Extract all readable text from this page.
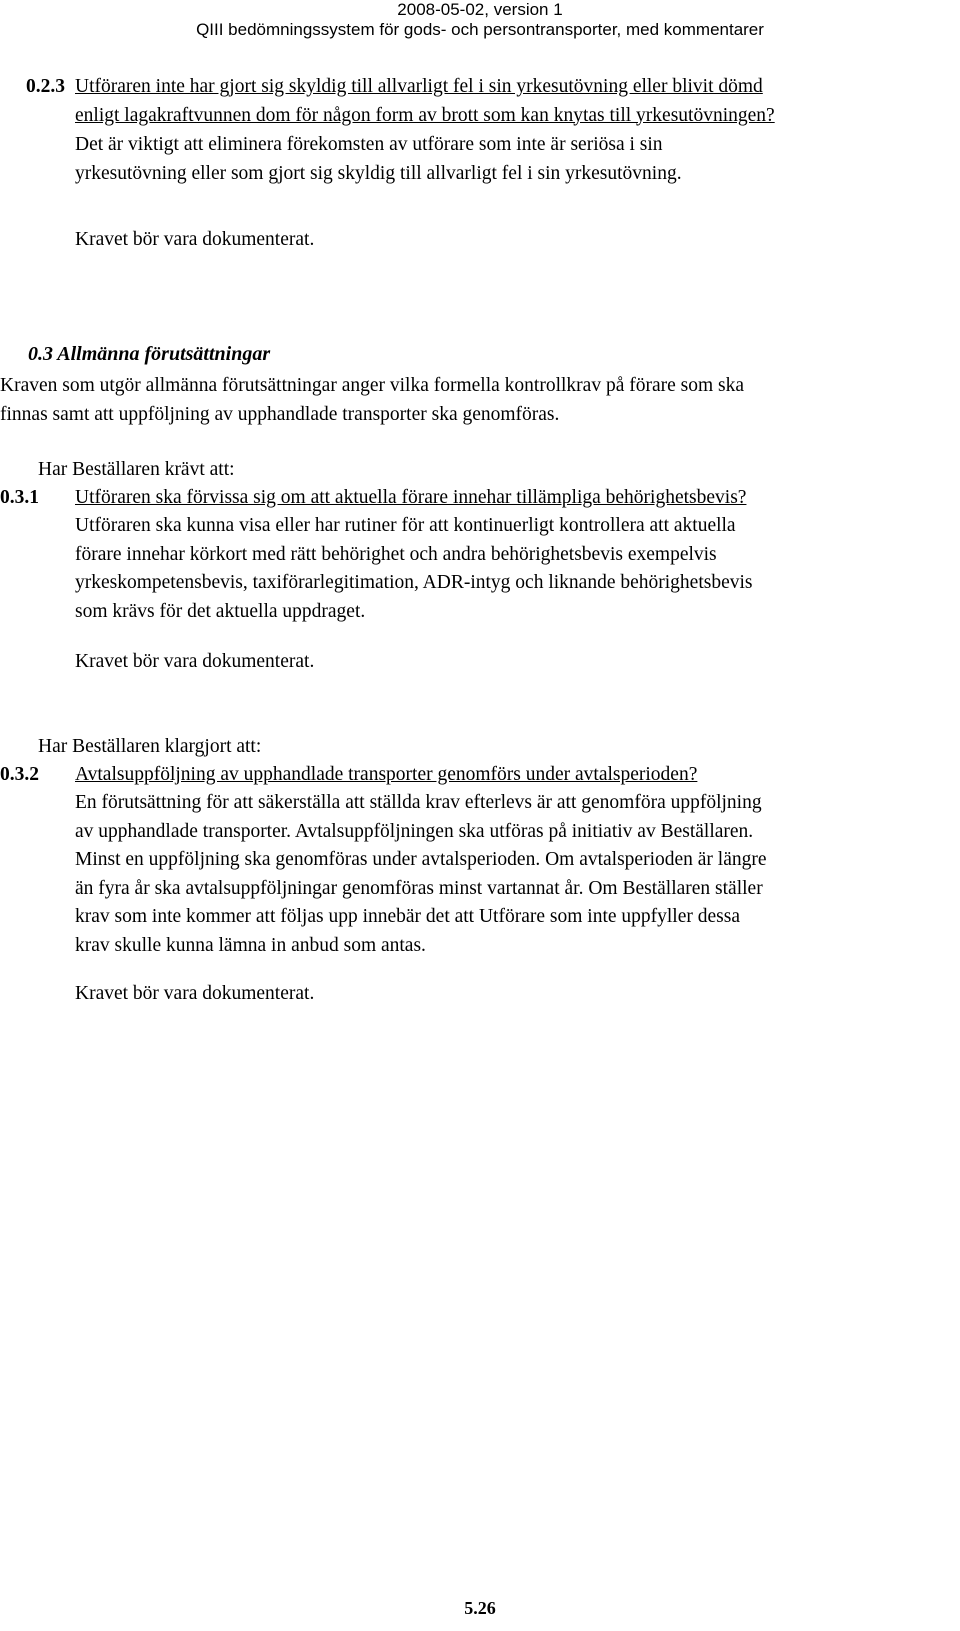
2008-05-02, version 1
QIII bedömningssystem för gods- och persontransporter, med kommentarer
0.2.3 Utföraren inte har gjort sig skyldig till allvarligt fel i sin yrkesutövning eller blivit dömd
enligt lagakraftvunnen dom för någon form av brott som kan knytas till yrkesutövningen?
Det är viktigt att eliminera förekomsten av utförare som inte är seriösa i sin
yrkesutövning eller som gjort sig skyldig till allvarligt fel i sin yrkesutövning.
Kravet bör vara dokumenterat.
0.3 Allmänna förutsättningar
Kraven som utgör allmänna förutsättningar anger vilka formella kontrollkrav på förare som ska
finnas samt att uppföljning av upphandlade transporter ska genomföras.
Har Beställaren krävt att:
0.3.1 Utföraren ska förvissa sig om att aktuella förare innehar tillämpliga behörighetsbevis?
Utföraren ska kunna visa eller har rutiner för att kontinuerligt kontrollera att aktuella
förare innehar körkort med rätt behörighet och andra behörighetsbevis exempelvis
yrkeskompetensbevis, taxiförarlegitimation, ADR-intyg och liknande behörighetsbevis
som krävs för det aktuella uppdraget.
Kravet bör vara dokumenterat.
Har Beställaren klargjort att:
0.3.2 Avtalsuppföljning av upphandlade transporter genomförs under avtalsperioden?
En förutsättning för att säkerställa att ställda krav efterlevs är att genomföra uppföljning
av upphandlade transporter. Avtalsuppföljningen ska utföras på initiativ av Beställaren.
Minst en uppföljning ska genomföras under avtalsperioden. Om avtalsperioden är längre
än fyra år ska avtalsuppföljningar genomföras minst vartannat år. Om Beställaren ställer
krav som inte kommer att följas upp innebär det att Utförare som inte uppfyller dessa
krav skulle kunna lämna in anbud som antas.
Kravet bör vara dokumenterat.
5.26
